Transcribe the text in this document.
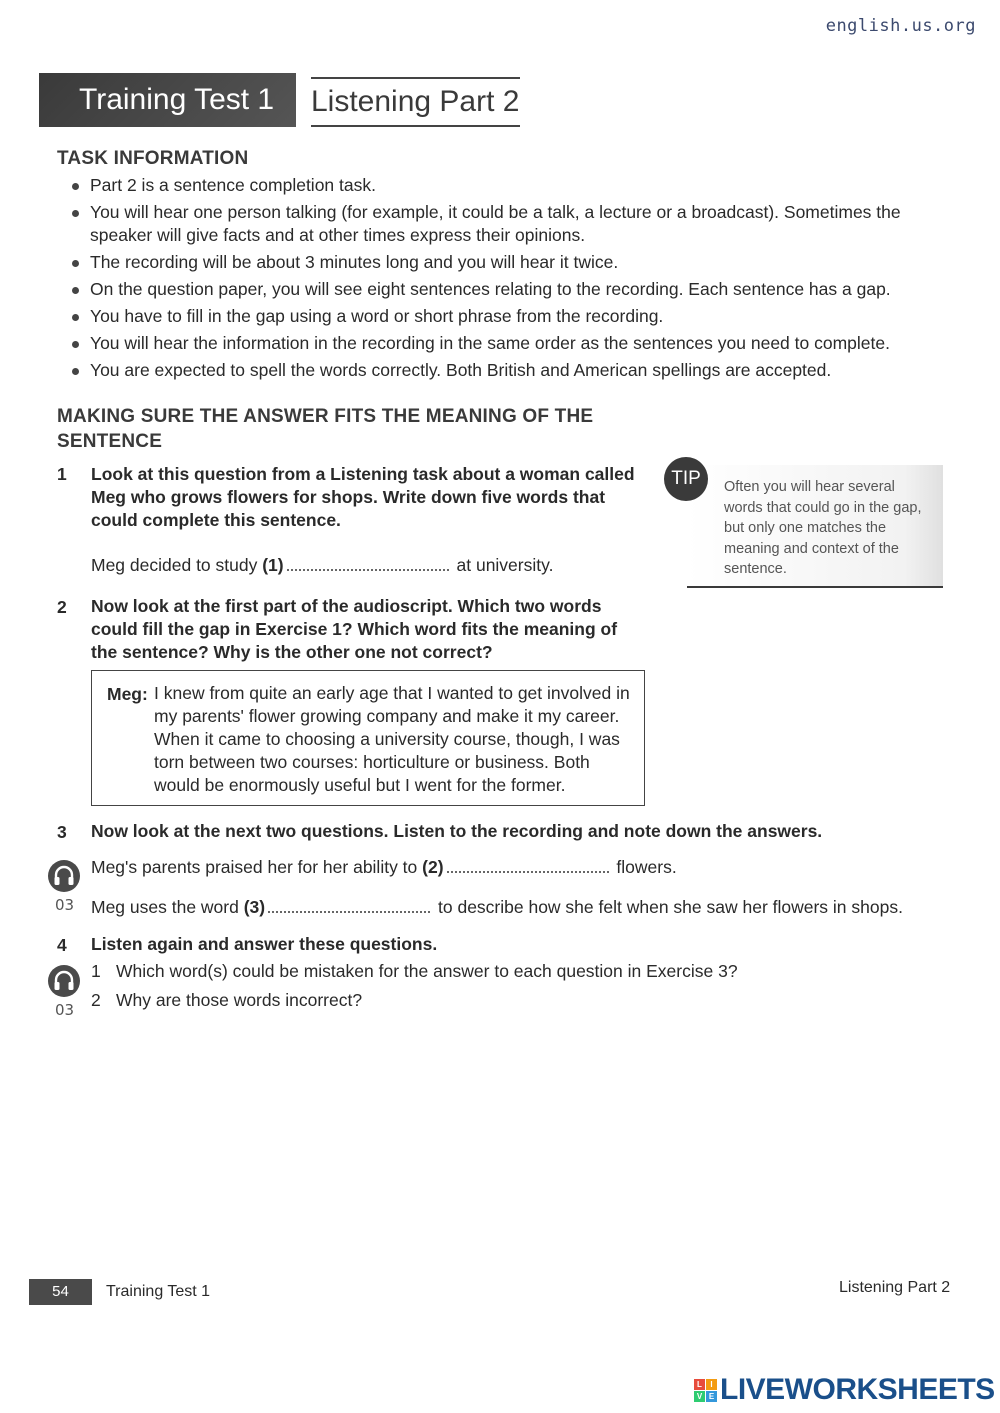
english.us.org
Training Test 1	Listening Part 2
TASK INFORMATION
Part 2 is a sentence completion task.
You will hear one person talking (for example, it could be a talk, a lecture or a broadcast). Sometimes the speaker will give facts and at other times express their opinions.
The recording will be about 3 minutes long and you will hear it twice.
On the question paper, you will see eight sentences relating to the recording. Each sentence has a gap.
You have to fill in the gap using a word or short phrase from the recording.
You will hear the information in the recording in the same order as the sentences you need to complete.
You are expected to spell the words correctly. Both British and American spellings are accepted.
MAKING SURE THE ANSWER FITS THE MEANING OF THE
SENTENCE
1	Look at this question from a Listening task about a woman called Meg who grows flowers for shops. Write down five words that could complete this sentence.
Meg decided to study (1)	at university.
Often you will hear several words that could go in the gap, but only one matches the meaning and context of the sentence.
TIP
2	Now look at the first part of the audioscript. Which two words could fill the gap in Exercise 1? Which word fits the meaning of the sentence? Why is the other one not correct?
Meg: I knew from quite an early age that I wanted to get involved in my parents' flower growing company and make it my career. When it came to choosing a university course, though, I was torn between two courses: horticulture or business. Both would be enormously useful but I went for the former.
3	Now look at the next two questions. Listen to the recording and note down the answers.
03
Meg's parents praised her for her ability to (2)	flowers.
Meg uses the word (3)	to describe how she felt when she saw her flowers in shops.
4	Listen again and answer these questions.
03
1 Which word(s) could be mistaken for the answer to each question in Exercise 3?
2 Why are those words incorrect?
54	Training Test 1	Listening Part 2
L	I
V E LIVEWORKSHEETS
